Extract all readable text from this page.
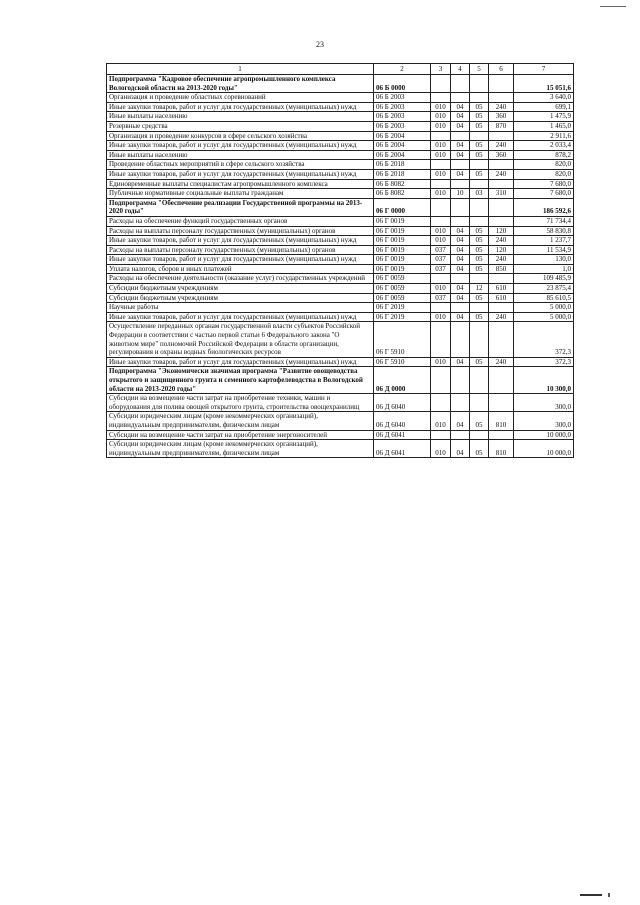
23
1	2	3	4	5	6	7
Подпрограмма "Кадровое обеспечение агропромышленного комплекса Вологодской области на 2013-2020 годы"	06 Б 0000					15 051,6
Организация и проведение областных соревнований	06 Б 2003					3 640,0
Иные закупки товаров, работ и услуг для государственных (муниципальных) нужд	06 Б 2003	010	04	05	240	699,1
Иные выплаты населению	06 Б 2003	010	04	05	360	1 475,9
Резервные средства	06 Б 2003	010	04	05	870	1 465,0
Организация и проведение конкурсов в сфере сельского хозяйства	06 Б 2004					2 911,6
Иные закупки товаров, работ и услуг для государственных (муниципальных) нужд	06 Б 2004	010	04	05	240	2 033,4
Иные выплаты населению	06 Б 2004	010	04	05	360	878,2
Проведение областных мероприятий в сфере сельского хозяйства	06 Б 2018					820,0
Иные закупки товаров, работ и услуг для государственных (муниципальных) нужд	06 Б 2018	010	04	05	240	820,0
Единовременные выплаты специалистам агропромышленного комплекса	06 Б 8082					7 680,0
Публичные нормативные социальные выплаты гражданам	06 Б 8082	010	10	03	310	7 680,0
Подпрограмма "Обеспечение реализации Государственной программы на 2013-2020 годы"	06 Г 0000					186 592,6
Расходы на обеспечение функций государственных органов	06 Г 0019					71 734,4
Расходы на выплаты персоналу государственных (муниципальных) органов	06 Г 0019	010	04	05	120	58 830,8
Иные закупки товаров, работ и услуг для государственных (муниципальных) нужд	06 Г 0019	010	04	05	240	1 237,7
Расходы на выплаты персоналу государственных (муниципальных) органов	06 Г 0019	037	04	05	120	11 534,9
Иные закупки товаров, работ и услуг для государственных (муниципальных) нужд	06 Г 0019	037	04	05	240	130,0
Уплата налогов, сборов и иных платежей	06 Г 0019	037	04	05	850	1,0
Расходы на обеспечение деятельности (оказание услуг) государственных учреждений	06 Г 0059					109 485,9
Субсидии бюджетным учреждениям	06 Г 0059	010	04	12	610	23 875,4
Субсидии бюджетным учреждениям	06 Г 0059	037	04	05	610	85 610,5
Научные работы	06 Г 2019					5 000,0
Иные закупки товаров, работ и услуг для государственных (муниципальных) нужд	06 Г 2019	010	04	05	240	5 000,0
Осуществление переданных органам государственной власти субъектов Российской Федерации в соответствии с частью первой статьи 6 Федерального закона "О животном мире" полномочий Российской Федерации в области организации, регулирования и охраны водных биологических ресурсов	06 Г 5910					372,3
Иные закупки товаров, работ и услуг для государственных (муниципальных) нужд	06 Г 5910	010	04	05	240	372,3
Подпрограмма "Экономически значимая программа "Развитие овощеводства открытого и защищенного грунта и семенного картофелеводства в Вологодской области на 2013-2020 годы"	06 Д 0000					10 300,0
Субсидии на возмещение части затрат на приобретение техники, машин и оборудования для полива овощей открытого грунта, строительства овощехранилищ	06 Д 6040					300,0
Субсидии юридическим лицам (кроме некоммерческих организаций), индивидуальным предпринимателям, физическим лицам	06 Д 6040	010	04	05	810	300,0
Субсидии на возмещение части затрат на приобретение энергоносителей	06 Д 6041					10 000,0
Субсидии юридическим лицам (кроме некоммерческих организаций), индивидуальным предпринимателям, физическим лицам	06 Д 6041	010	04	05	810	10 000,0
